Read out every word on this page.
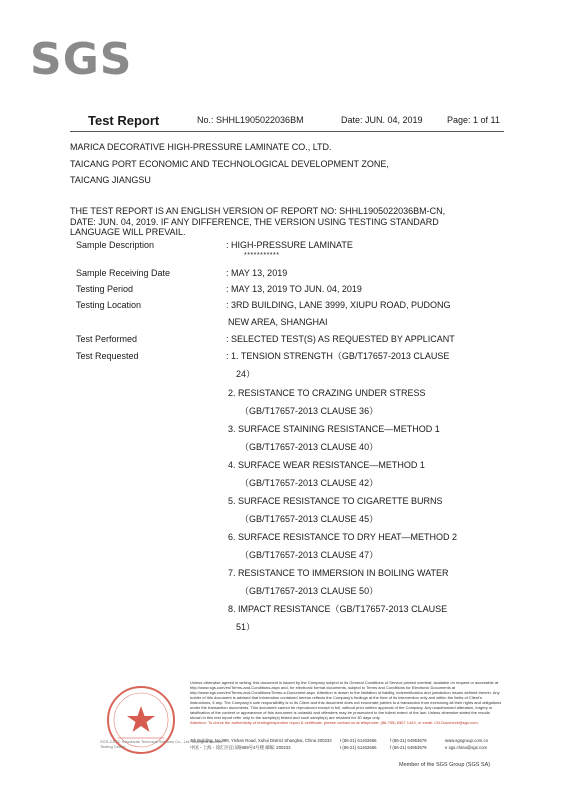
SGS
Test Report	No.: SHHL1905022036BM	Date: JUN. 04, 2019	Page: 1 of 11
MARICA DECORATIVE HIGH-PRESSURE LAMINATE CO., LTD.
TAICANG PORT ECONOMIC AND TECHNOLOGICAL DEVELOPMENT ZONE,
TAICANG JIANGSU
THE TEST REPORT IS AN ENGLISH VERSION OF REPORT NO: SHHL1905022036BM-CN,
DATE: JUN. 04, 2019. IF ANY DIFFERENCE, THE VERSION USING TESTING STANDARD
LANGUAGE WILL PREVAIL.
Sample Description	: HIGH-PRESSURE LAMINATE
***********
Sample Receiving Date	: MAY 13, 2019
Testing Period	: MAY 13, 2019 TO JUN. 04, 2019
Testing Location	: 3RD BUILDING, LANE 3999, XIUPU ROAD, PUDONG
NEW AREA, SHANGHAI
Test Performed	: SELECTED TEST(S) AS REQUESTED BY APPLICANT
Test Requested	: 1. TENSION STRENGTH（GB/T17657-2013 CLAUSE
24）
2. RESISTANCE TO CRAZING UNDER STRESS
（GB/T17657-2013 CLAUSE 36）
3. SURFACE STAINING RESISTANCE—METHOD 1
（GB/T17657-2013 CLAUSE 40）
4. SURFACE WEAR RESISTANCE—METHOD 1
（GB/T17657-2013 CLAUSE 42）
5. SURFACE RESISTANCE TO CIGARETTE BURNS
（GB/T17657-2013 CLAUSE 45）
6. SURFACE RESISTANCE TO DRY HEAT—METHOD 2
（GB/T17657-2013 CLAUSE 47）
7. RESISTANCE TO IMMERSION IN BOILING WATER
（GB/T17657-2013 CLAUSE 50）
8. IMPACT RESISTANCE（GB/T17657-2013 CLAUSE
51）
SGS-CSTC Standards Technical Services Co., Ltd. Shanghai Branch
Testing Center
Unless otherwise agreed in writing, this document is issued by the Company subject to its General Conditions of Service printed overleaf, available on request or accessible at http://www.sgs.com/en/Terms-and-Conditions.aspx and, for electronic format documents, subject to Terms and Conditions for Electronic Documents at http://www.sgs.com/en/Terms-and-Conditions/Terms-e-Document.aspx. Attention is drawn to the limitation of liability, indemnification and jurisdiction issues defined therein. Any holder of this document is advised that information contained hereon reflects the Company's findings at the time of its intervention only and within the limits of Client's instructions, if any. The Company's sole responsibility is to its Client and this document does not exonerate parties to a transaction from exercising all their rights and obligations under the transaction documents. This document cannot be reproduced except in full, without prior written approval of the Company. Any unauthorized alteration, forgery or falsification of the content or appearance of this document is unlawful and offenders may be prosecuted to the fullest extent of the law. Unless otherwise stated the results shown in this test report refer only to the sample(s) tested and such sample(s) are retained for 30 days only.
Attention: To check the authenticity of testing/inspection report & certificate, please contact us at telephone: (86-755) 8307 1443, or email: CN.Doccheck@sgs.com
4th Building, No.889, Yishan Road, Xuhui District Shanghai, China 200233 t (86-21) 61402666	f (86-21) 64953679	www.sgsgroup.com.cn
中国・上海・徐汇区宜山路889号4号楼 邮编: 200233	t (86-21) 61402666	f (86-21) 64953679	e sgs.china@sgs.com
Member of the SGS Group (SGS SA)
